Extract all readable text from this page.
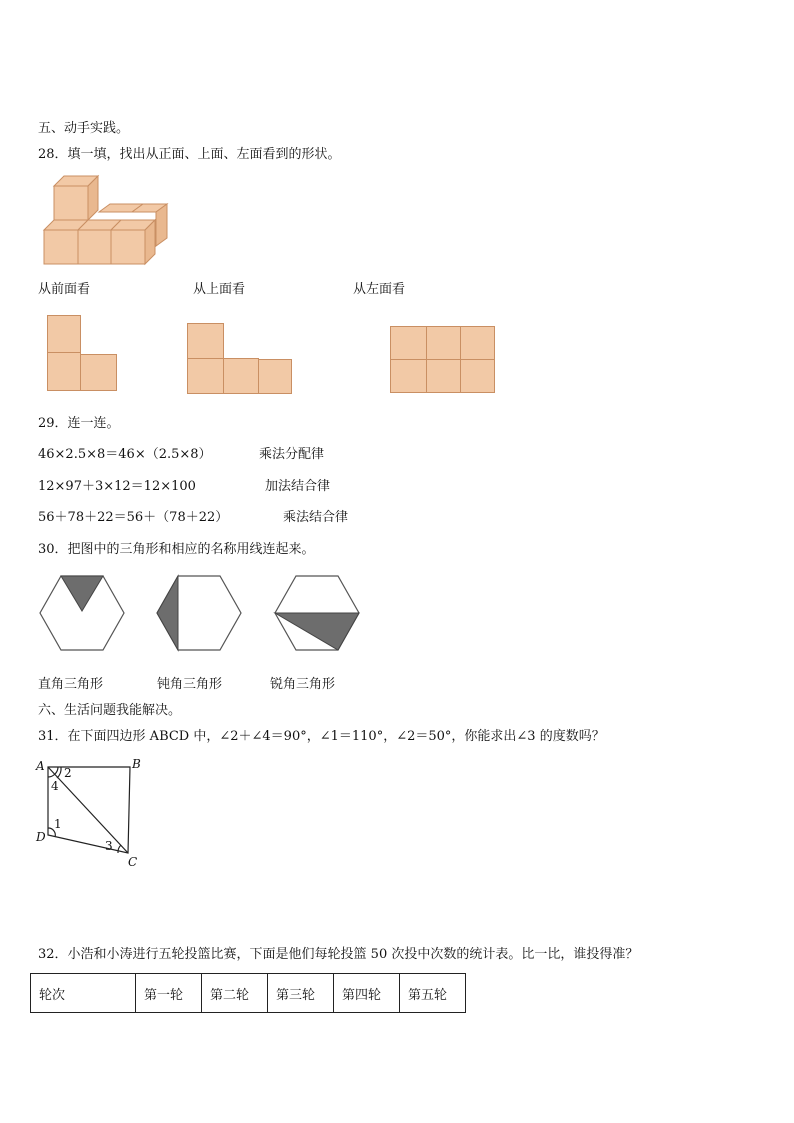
五、动手实践。
28．填一填，找出从正面、上面、左面看到的形状。
从前面看	从上面看	从左面看
29．连一连。
46×2.5×8＝46×（2.5×8）	乘法分配律
12×97＋3×12＝12×100	加法结合律
56＋78＋22＝56＋（78＋22）	乘法结合律
30．把图中的三角形和相应的名称用线连起来。
直角三角形	钝角三角形	锐角三角形
六、生活问题我能解决。
31．在下面四边形 ABCD 中，∠2＋∠4＝90°，∠1＝110°，∠2＝50°，你能求出∠3 的度数吗？
A	B
C
D
2
4
1
3
32．小浩和小涛进行五轮投篮比赛，下面是他们每轮投篮 50 次投中次数的统计表。比一比，谁投得准？
轮次	第一轮	第二轮	第三轮	第四轮	第五轮
